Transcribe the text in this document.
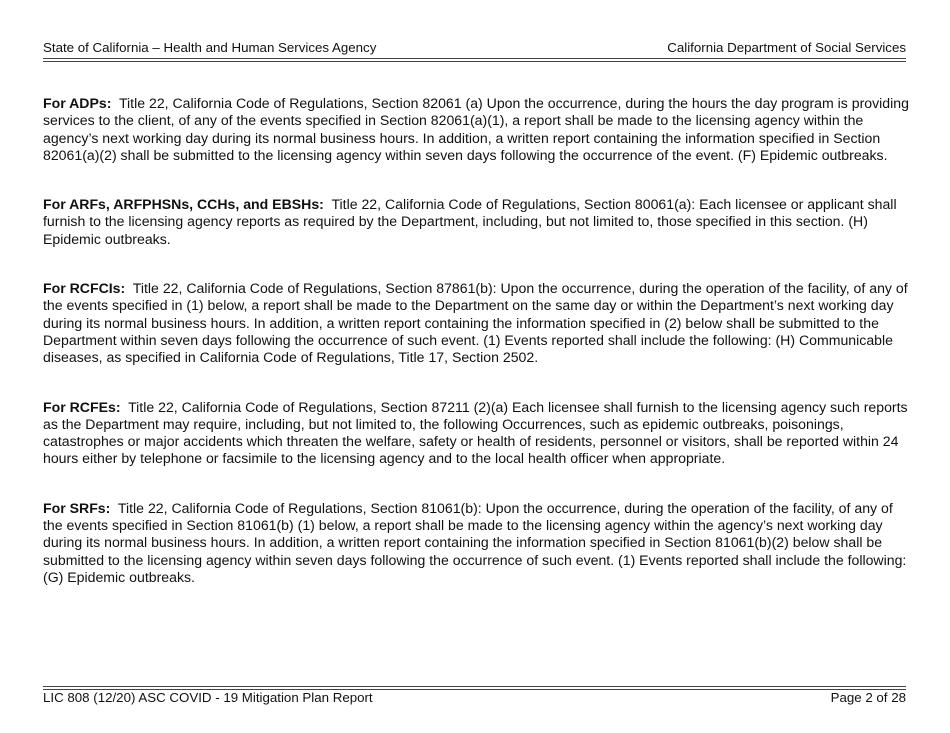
State of California – Health and Human Services Agency	California Department of Social Services

For ADPs: Title 22, California Code of Regulations, Section 82061 (a) Upon the occurrence, during the hours the day program is providing services to the client, of any of the events specified in Section 82061(a)(1), a report shall be made to the licensing agency within the agency’s next working day during its normal business hours. In addition, a written report containing the information specified in Section 82061(a)(2) shall be submitted to the licensing agency within seven days following the occurrence of the event. (F) Epidemic outbreaks.

For ARFs, ARFPHSNs, CCHs, and EBSHs: Title 22, California Code of Regulations, Section 80061(a): Each licensee or applicant shall furnish to the licensing agency reports as required by the Department, including, but not limited to, those specified in this section. (H) Epidemic outbreaks.

For RCFCIs: Title 22, California Code of Regulations, Section 87861(b): Upon the occurrence, during the operation of the facility, of any of the events specified in (1) below, a report shall be made to the Department on the same day or within the Department’s next working day during its normal business hours. In addition, a written report containing the information specified in (2) below shall be submitted to the Department within seven days following the occurrence of such event. (1) Events reported shall include the following: (H) Communicable diseases, as specified in California Code of Regulations, Title 17, Section 2502.

For RCFEs: Title 22, California Code of Regulations, Section 87211 (2)(a) Each licensee shall furnish to the licensing agency such reports as the Department may require, including, but not limited to, the following Occurrences, such as epidemic outbreaks, poisonings, catastrophes or major accidents which threaten the welfare, safety or health of residents, personnel or visitors, shall be reported within 24 hours either by telephone or facsimile to the licensing agency and to the local health officer when appropriate.

For SRFs: Title 22, California Code of Regulations, Section 81061(b): Upon the occurrence, during the operation of the facility, of any of the events specified in Section 81061(b) (1) below, a report shall be made to the licensing agency within the agency’s next working day during its normal business hours. In addition, a written report containing the information specified in Section 81061(b)(2) below shall be submitted to the licensing agency within seven days following the occurrence of such event. (1) Events reported shall include the following: (G) Epidemic outbreaks.

LIC 808 (12/20) ASC COVID - 19 Mitigation Plan Report	Page 2 of 28
